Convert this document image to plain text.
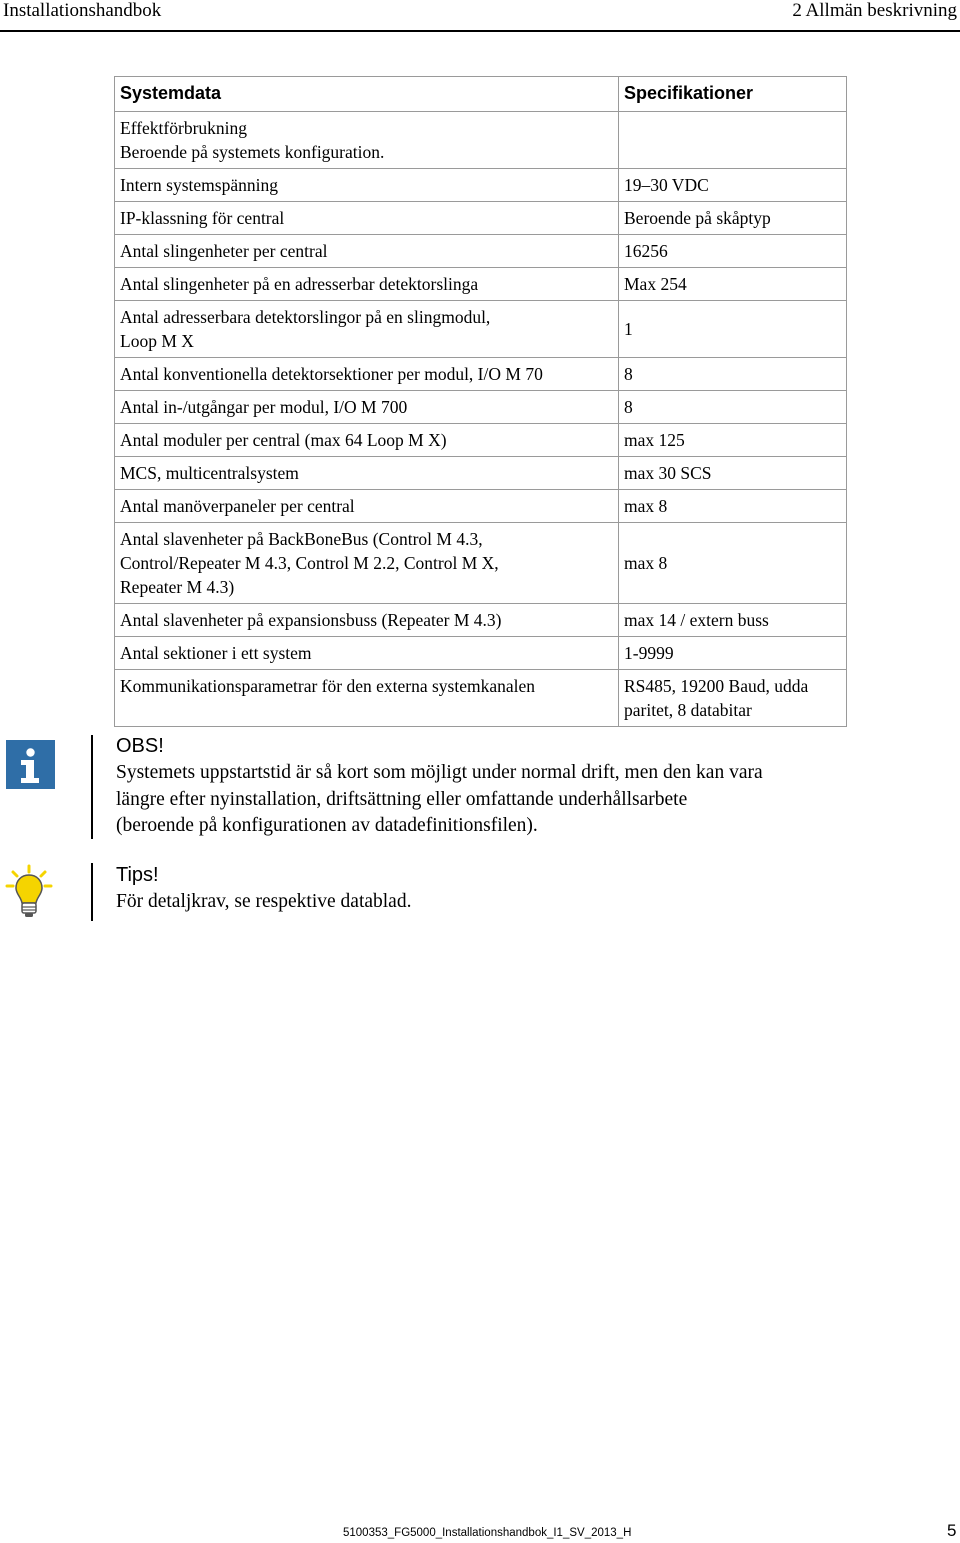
Installationshandbok	2 Allmän beskrivning
Systemdata	Specifikationer
Effektförbrukning
Beroende på systemets konfiguration.	
Intern systemspänning	19–30 VDC
IP-klassning för central	Beroende på skåptyp
Antal slingenheter per central	16256
Antal slingenheter på en adresserbar detektorslinga	Max 254
Antal adresserbara detektorslingor på en slingmodul,
Loop M X	1
Antal konventionella detektorsektioner per modul, I/O M 70	8
Antal in-/utgångar per modul, I/O M 700	8
Antal moduler per central (max 64 Loop M X)	max 125
MCS, multicentralsystem	max 30 SCS
Antal manöverpaneler per central	max 8
Antal slavenheter på BackBoneBus (Control M 4.3,
Control/Repeater M 4.3, Control M 2.2, Control M X,
Repeater M 4.3)	max 8
Antal slavenheter på expansionsbuss (Repeater M 4.3)	max 14 / extern buss
Antal sektioner i ett system	1-9999
Kommunikationsparametrar för den externa systemkanalen	RS485, 19200 Baud, udda
paritet, 8 databitar
OBS!
Systemets uppstartstid är så kort som möjligt under normal drift, men den kan vara
längre efter nyinstallation, driftsättning eller omfattande underhållsarbete
(beroende på konfigurationen av datadefinitionsfilen).
Tips!
För detaljkrav, se respektive datablad.
5100353_FG5000_Installationshandbok_I1_SV_2013_H	5
